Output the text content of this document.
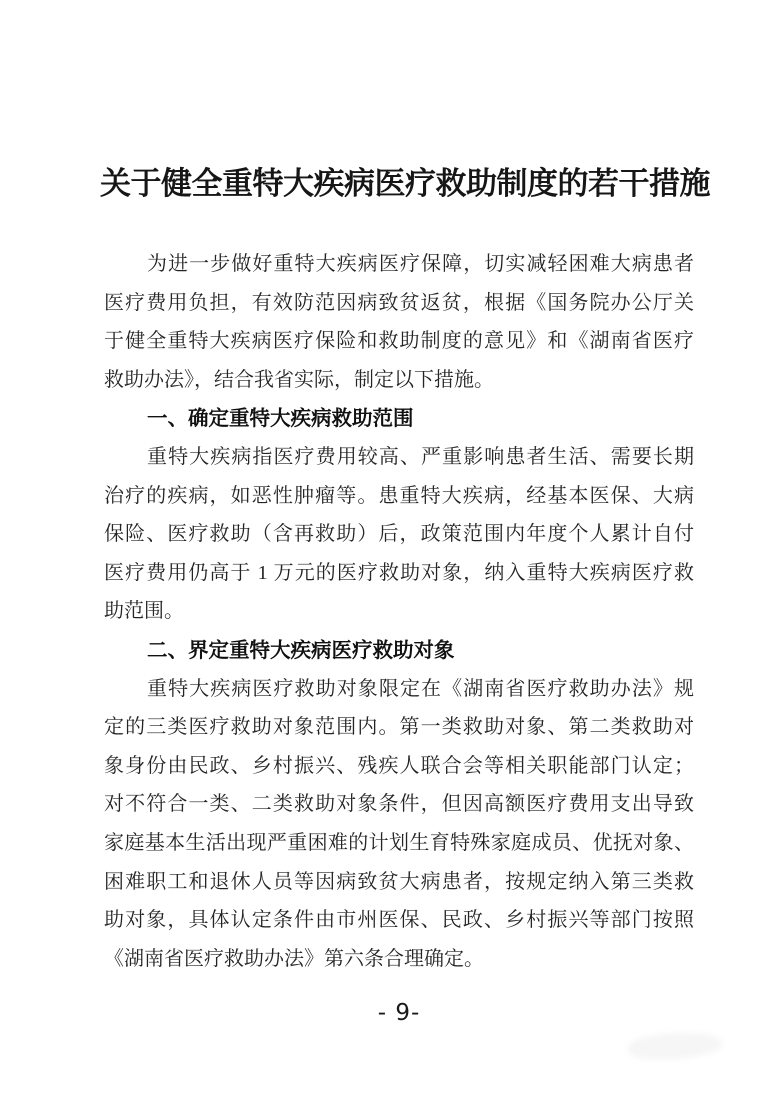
关于健全重特大疾病医疗救助制度的若干措施
为进一步做好重特大疾病医疗保障，切实减轻困难大病患者
医疗费用负担，有效防范因病致贫返贫，根据《国务院办公厅关
于健全重特大疾病医疗保险和救助制度的意见》和《湖南省医疗
救助办法》，结合我省实际，制定以下措施。
一、确定重特大疾病救助范围
重特大疾病指医疗费用较高、严重影响患者生活、需要长期
治疗的疾病，如恶性肿瘤等。患重特大疾病，经基本医保、大病
保险、医疗救助（含再救助）后，政策范围内年度个人累计自付
医疗费用仍高于 1 万元的医疗救助对象，纳入重特大疾病医疗救
助范围。
二、界定重特大疾病医疗救助对象
重特大疾病医疗救助对象限定在《湖南省医疗救助办法》规
定的三类医疗救助对象范围内。第一类救助对象、第二类救助对
象身份由民政、乡村振兴、残疾人联合会等相关职能部门认定；
对不符合一类、二类救助对象条件，但因高额医疗费用支出导致
家庭基本生活出现严重困难的计划生育特殊家庭成员、优抚对象、
困难职工和退休人员等因病致贫大病患者，按规定纳入第三类救
助对象，具体认定条件由市州医保、民政、乡村振兴等部门按照
《湖南省医疗救助办法》第六条合理确定。
- 9-
